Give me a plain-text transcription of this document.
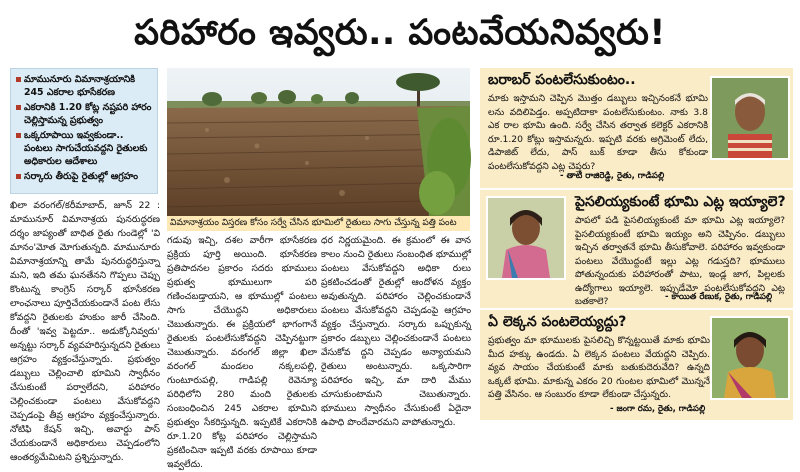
పరిహారం ఇవ్వరు.. పంటవేయనివ్వరు!
మామునూరు విమానాశ్రయానికి 245 ఎకరాల భూసేకరణ
ఎకరానికి 1.20 కోట్ల నష్టపరి హారం చెల్లిస్తామన్న ప్రభుత్వం
ఒక్కరూపాయి ఇవ్వకుండా.. పంటలు సాగుచేయవద్దని రైతులకు అధికారుల ఆదేశాలు
సర్కారు తీరుపై రైతుల్లో ఆగ్రహం
ఖిలా వరంగల్‌/కరీమాబాద్‌, జూన్‌ 22 : మామునూర్‌ విమానాశ్రయ పునరుద్ధరణ దర్శం జాప్యంతో బాధిత రైతు గుండెల్లో 'వి మానం'మోత మోగుతున్నది. మామునూరు విమానాశ్రయాన్ని తామే పునరుద్ధరిస్తున్నా మని, ఇది తమ ఘనతేనని గొప్పలు చెప్పు కొంటున్న కాంగ్రెస్‌ సర్కార్‌ భూసేకరణ లాంఛనాలు పూర్తిచేయకుండానే పంట లేసు కోవద్దని రైతులకు హుకుం జారీ చేసింది. దీంతో 'ఇవ్వ పెట్టదూ.. అడుక్కోనివ్వదు' అన్నట్టు సర్కార్‌ వ్యవహరిస్తున్నదని రైతులు ఆగ్రహం వ్యక్తంచేస్తున్నారు. ప్రభుత్వం డబ్బులు చెల్లించాలి భూమిని స్వాధీనం చేసుకుంటే పర్వాలేదని, పరిహారం చెల్లించకుండా పంటలు వేసుకోవద్దని చెప్పడంపై తీవ్ర ఆగ్రహం వ్యక్తంచేస్తున్నారు. నోటిఫి కేషన్‌ ఇచ్చి, అవార్డు పాస్‌ చేయకుండానే అధికారులు చెప్పడంలోని ఆంతర్యమేమిటని ప్రశ్నిస్తున్నారు.
విమానాశ్రయం విస్తరణ కోసం సర్వే చేసిన భూమిలో రైతులు సాగు చేస్తున్న పత్తి పంట
గడువు ఇచ్చి, దశల వారీగా భూసేకరణ ప్రక్రియ పూర్తి అయింది. భూసేకరణ ప్రతిపాదనల ప్రకారం సదరు భూములు ప్రభుత్వ భూములుగా పరి గణించబడ్తాయని, ఆ భూముల్లో పంటలు సాగు చేయొద్దని అధికారులు చెబుతున్నారు. ఈ ప్రక్రియలో భాగంగానే రైతులకు పంటలేసుకోవద్దని చెప్పినట్టుగా చెబుతున్నారు. వరంగల్‌ జిల్లా ఖిలా వరంగల్‌ మండలం నక్కలపల్లి, గుంటూరుపల్లి, గాడిపల్లి రెవెన్యూ పరిధిలోని 280 మంది రైతులకు సంబంధించిన 245 ఎకరాల భూమిని ప్రభుత్వం సేకరిస్తున్నది. ఇప్పటికే ఎకరానికి రూ.1.20 కోట్ల పరిహారం చెల్లిస్తామని ప్రకటించినా ఇప్పటి వరకు రూపాయి కూడా ఇవ్వలేదు.
ధర నిర్ణయమైంది. ఈ క్రమంలో ఈ వాన కాలం నుంచి రైతులు సంబంధిత భూముల్లో పంటలు వేసుకోవద్దని అధికా రులు ప్రకటించడంతో రైతుల్లో ఆందోళన వ్యక్తం అవుతున్నది. పరిహారం చెల్లించకుండానే పంటలు వేసుకోవద్దని చెప్పడంపై ఆగ్రహం వ్యక్తం చేస్తున్నారు. సర్కారు ఒప్పుకున్న ప్రకారం డబ్బులు చెల్లించకుండానే పంటలు వేసుకోవ ద్దని చెప్పడం అన్యాయమని రైతులు అంటున్నారు. ఒక్కసారిగా పరిహారం ఇచ్చి, మా దారి మేము చూసుకుంటామని చెబుతున్నారు. భూములు స్వాధీనం చేసుకుంటే ఏదైనా ఉపాధి పొందేవారమని వాపోతున్నారు.
బరాబర్‌ పంటలేసుకుంటం..
మాకు ఇస్తామని చెప్పిన మొత్తం డబ్బులు ఇచ్చినంకనే భూమి లను వదిలిపెడ్తం. అప్పటిదాకా పంటలేసుకుంటం. నాకు 3.8 ఎక రాల భూమి ఉంది. సర్వే చేసిన తర్వాత కలెక్టర్‌ ఎకరానికి రూ.1.20 కోట్లు ఇస్తామన్నరు. ఇప్పటి వరకు అగ్రిమెంట్‌ లేదు, డిపాజిట్‌ లేదు, పాస్‌ బుక్‌ కూడా తీసు కోకుండా పంటలేసుకోవద్దని ఎట్ల చెప్తరు?
- తాటి రాజిరెడ్డి, రైతు, గాడిపల్లి
పైసలియ్యకుంటే భూమి ఎట్ల ఇయ్యాలె?
పాపలో పడి పైసలియ్యకుంటే మా భూమి ఎట్ల ఇయ్యాలె? పైసలియ్యకుంటే భూమి ఇయ్యం అని చెప్పినం. డబ్బులు ఇచ్చిన తర్వాతనే భూమి తీసుకోవాలె. పరిహారం ఇవ్వకుండా పంటలు వేయొద్దంటే ఇల్లు ఎట్ల గడుస్తది? భూములు పోతున్నందుకు పరిహారంతో పాటు, ఇండ్ల జాగ, పిల్లలకు ఉద్యోగాలు ఇయ్యాలె. ఇప్పుడేమో పంటలేసుకోవద్దని ఎట్ల బతకాలె?	- కాయిత రేణుక, రైతు, గాడిపల్లి
ఏ లెక్కన పంటలెయ్యద్దు?
ప్రభుత్వం మా భూములకు పైసలిచ్చి కొన్నట్టయితే మాకు భూమి మీద హక్కు ఉండదు. ఏ లెక్కన పంటలు వేయద్దని చెప్పిరు. వ్యవ సాయం చేయకుంటే మాకు బతుకుదెరువేది? ఉన్నది ఒక్కటే భూమి. మాకున్న ఎకరం 20 గుంటల భూమిలో మొన్ననే పత్తి వేసినం. ఆ సంబురం కూడా లేకుండా చేస్తున్నరు.
- జంగా రమ, రైతు, గాడిపల్లి
